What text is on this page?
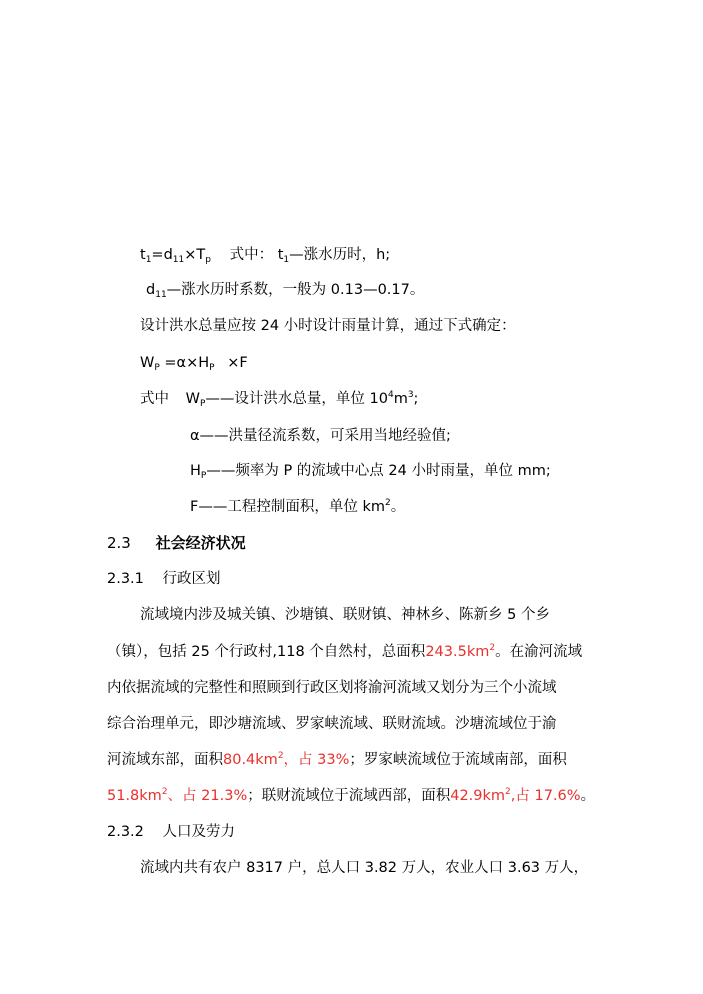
$t_1=d_{11}\times T_p$ 式中： $t_1—$涨水历时，h;
$d_{11}—$涨水历时系数，一般为 0.13—0.17。
设计洪水总量应按 24 小时设计雨量计算，通过下式确定：
$W_P =\alpha\times H_P \times F$
式中 $W_P——$设计洪水总量，单位 $10^4m^3$;
α——洪量径流系数，可采用当地经验值;
$H_P——$频率为 P 的流域中心点 24 小时雨量，单位 mm;
F——工程控制面积，单位 $km^2$。
2.3 社会经济状况
2.3.1 行政区划
流域境内涉及城关镇、沙塘镇、联财镇、神林乡、陈新乡 5 个乡
（镇），包括 25 个行政村,118 个自然村，总面积$243.5km^2$。在渝河流域
内依据流域的完整性和照顾到行政区划将渝河流域又划分为三个小流域
综合治理单元，即沙塘流域、罗家峡流域、联财流域。沙塘流域位于渝
河流域东部，面积$80.4km^2$，占 33%；罗家峡流域位于流域南部，面积
$51.8km^2$、占 21.3%；联财流域位于流域西部，面积$42.9km^2$,占 17.6%。
2.3.2 人口及劳力
流域内共有农户 8317 户，总人口 3.82 万人，农业人口 3.63 万人，
